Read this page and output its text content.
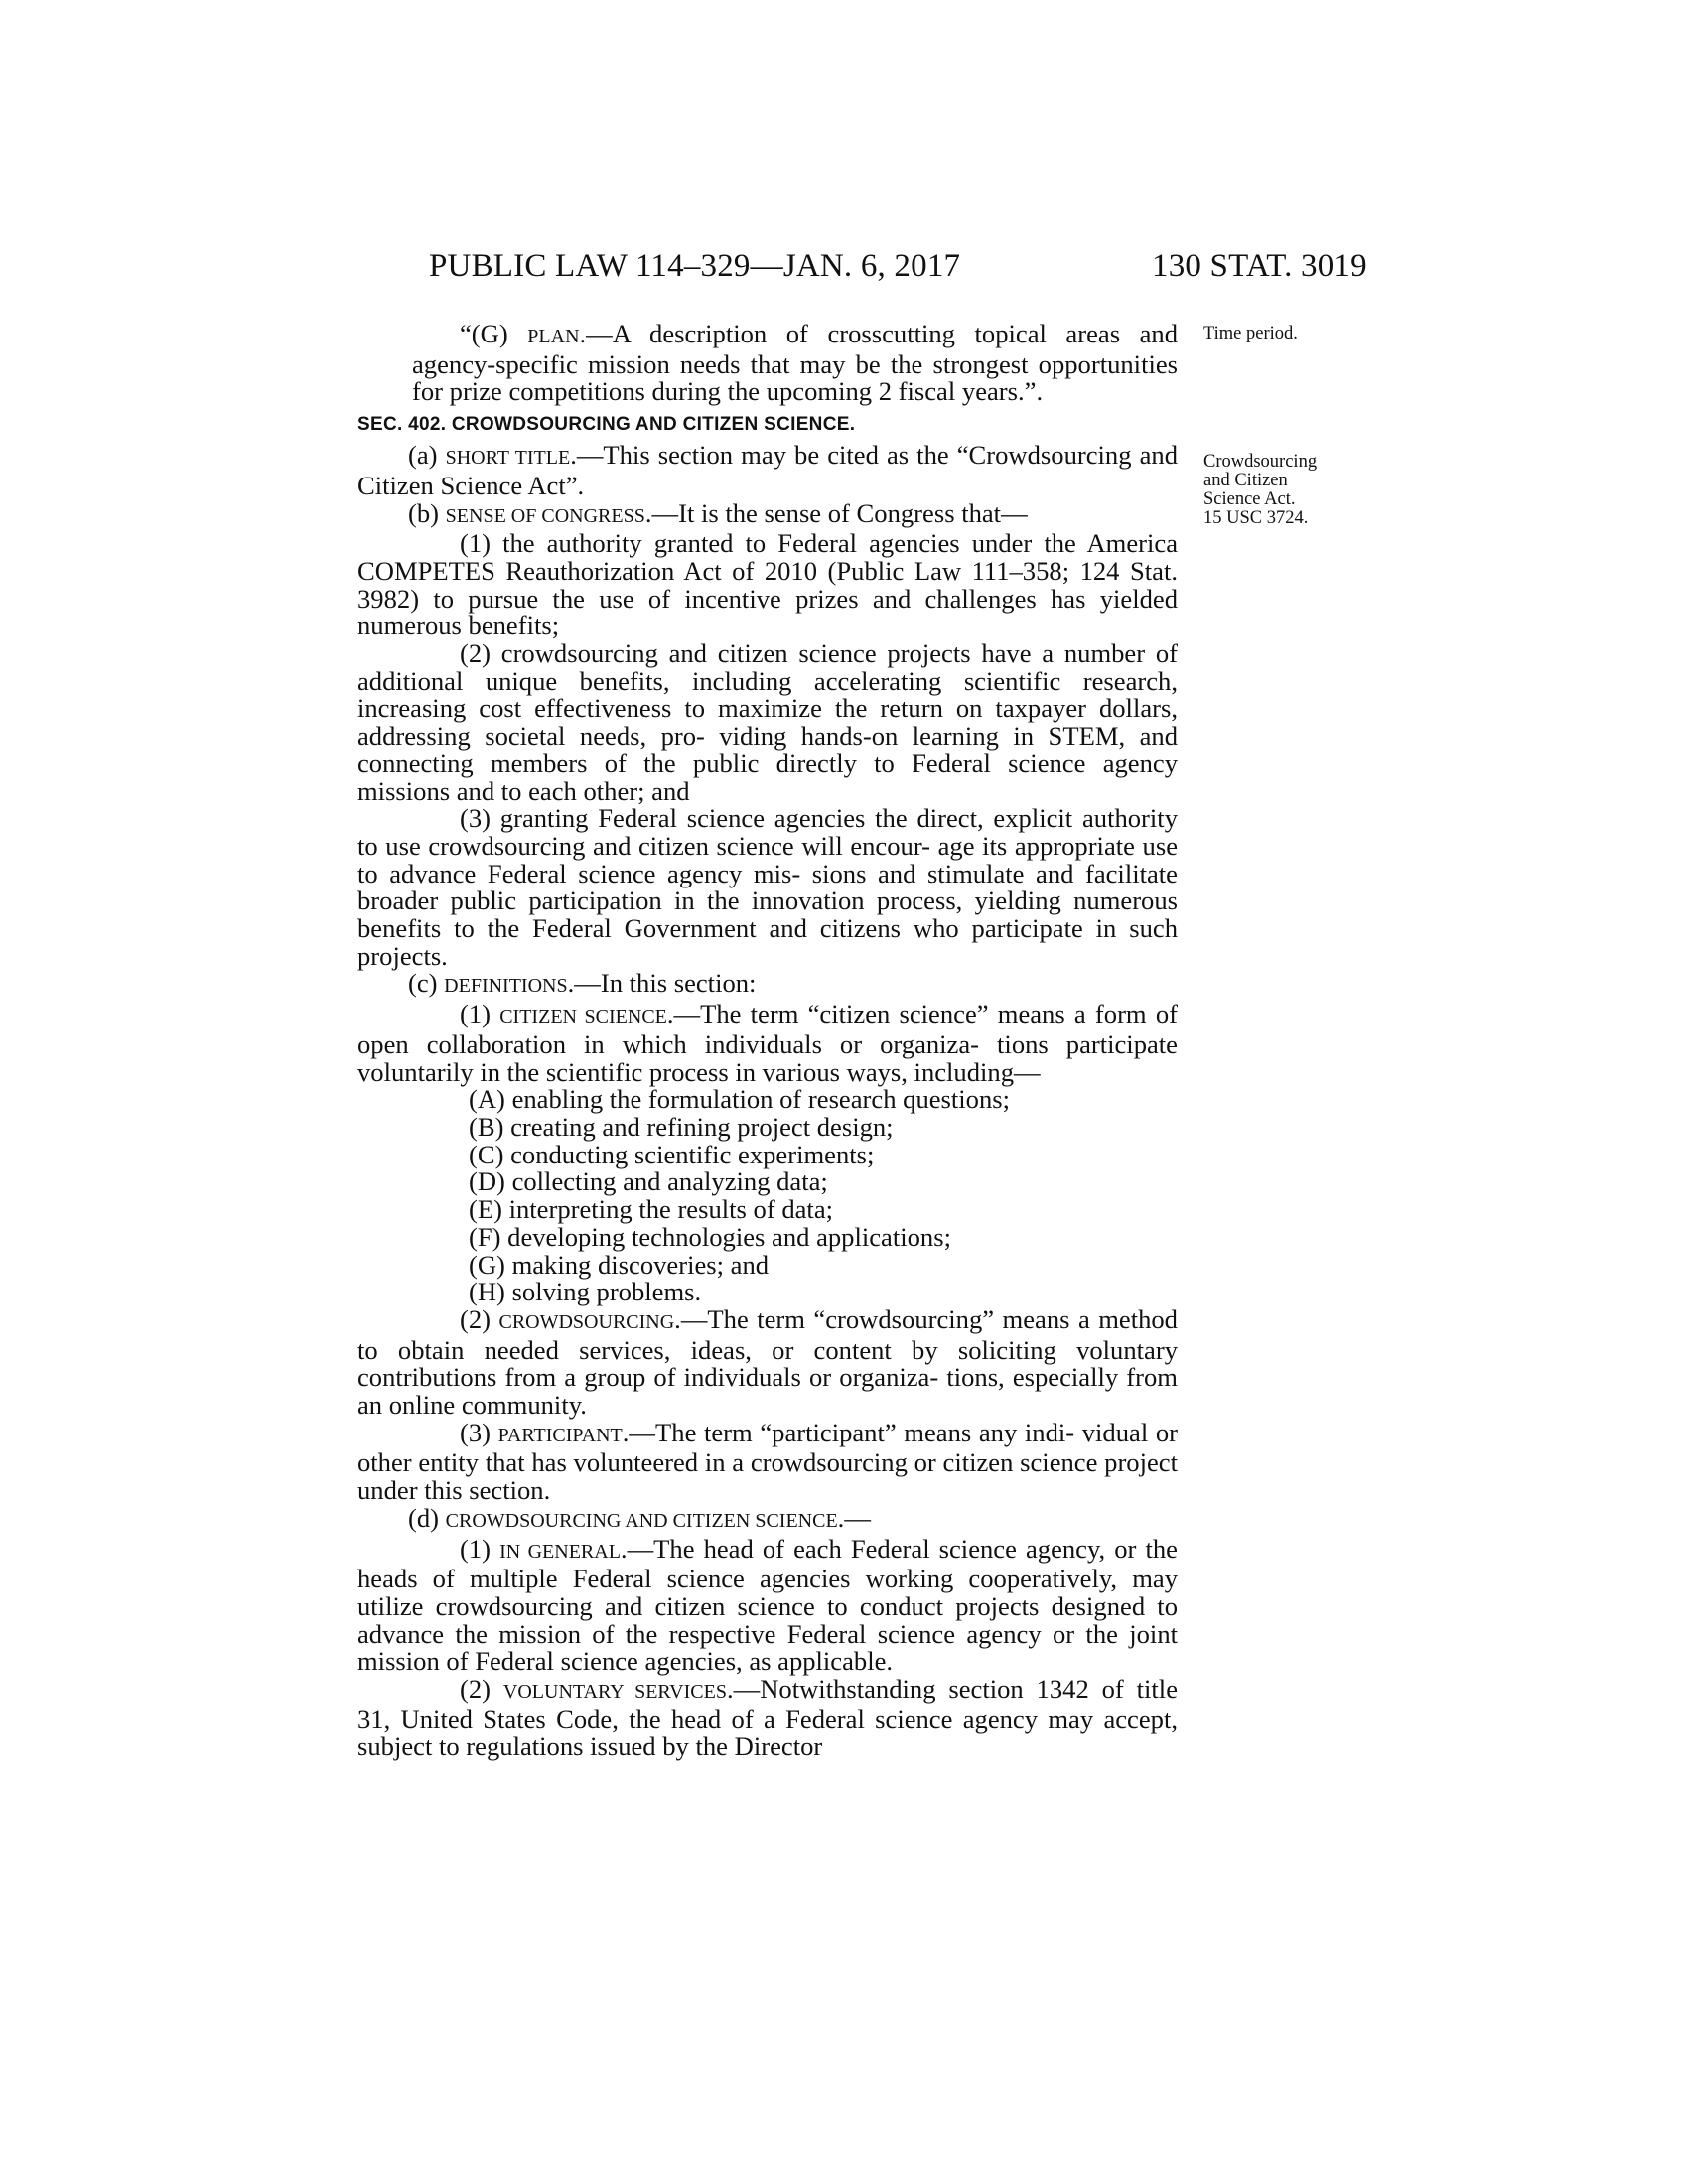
PUBLIC LAW 114–329—JAN. 6, 2017	130 STAT. 3019
Time period.
Crowdsourcing
and Citizen
Science Act.
15 USC 3724.

“(G) PLAN.—A description of crosscutting topical areas and agency-specific mission needs that may be the strongest opportunities for prize competitions during the upcoming 2 fiscal years.”.

SEC. 402. CROWDSOURCING AND CITIZEN SCIENCE.

(a) SHORT TITLE.—This section may be cited as the “Crowdsourcing and Citizen Science Act”.

(b) SENSE OF CONGRESS.—It is the sense of Congress that—

(1) the authority granted to Federal agencies under the America COMPETES Reauthorization Act of 2010 (Public Law 111–358; 124 Stat. 3982) to pursue the use of incentive prizes and challenges has yielded numerous benefits;

(2) crowdsourcing and citizen science projects have a number of additional unique benefits, including accelerating scientific research, increasing cost effectiveness to maximize the return on taxpayer dollars, addressing societal needs, pro- viding hands-on learning in STEM, and connecting members of the public directly to Federal science agency missions and to each other; and

(3) granting Federal science agencies the direct, explicit authority to use crowdsourcing and citizen science will encour- age its appropriate use to advance Federal science agency mis- sions and stimulate and facilitate broader public participation in the innovation process, yielding numerous benefits to the Federal Government and citizens who participate in such projects.

(c) DEFINITIONS.—In this section:

(1) CITIZEN SCIENCE.—The term “citizen science” means a form of open collaboration in which individuals or organiza- tions participate voluntarily in the scientific process in various ways, including—

(A) enabling the formulation of research questions;

(B) creating and refining project design;

(C) conducting scientific experiments;

(D) collecting and analyzing data;

(E) interpreting the results of data;

(F) developing technologies and applications;

(G) making discoveries; and

(H) solving problems.

(2) CROWDSOURCING.—The term “crowdsourcing” means a method to obtain needed services, ideas, or content by soliciting voluntary contributions from a group of individuals or organiza- tions, especially from an online community.

(3) PARTICIPANT.—The term “participant” means any indi- vidual or other entity that has volunteered in a crowdsourcing or citizen science project under this section.

(d) CROWDSOURCING AND CITIZEN SCIENCE.—

(1) IN GENERAL.—The head of each Federal science agency, or the heads of multiple Federal science agencies working cooperatively, may utilize crowdsourcing and citizen science to conduct projects designed to advance the mission of the respective Federal science agency or the joint mission of Federal science agencies, as applicable.

(2) VOLUNTARY SERVICES.—Notwithstanding section 1342 of title 31, United States Code, the head of a Federal science agency may accept, subject to regulations issued by the Director
